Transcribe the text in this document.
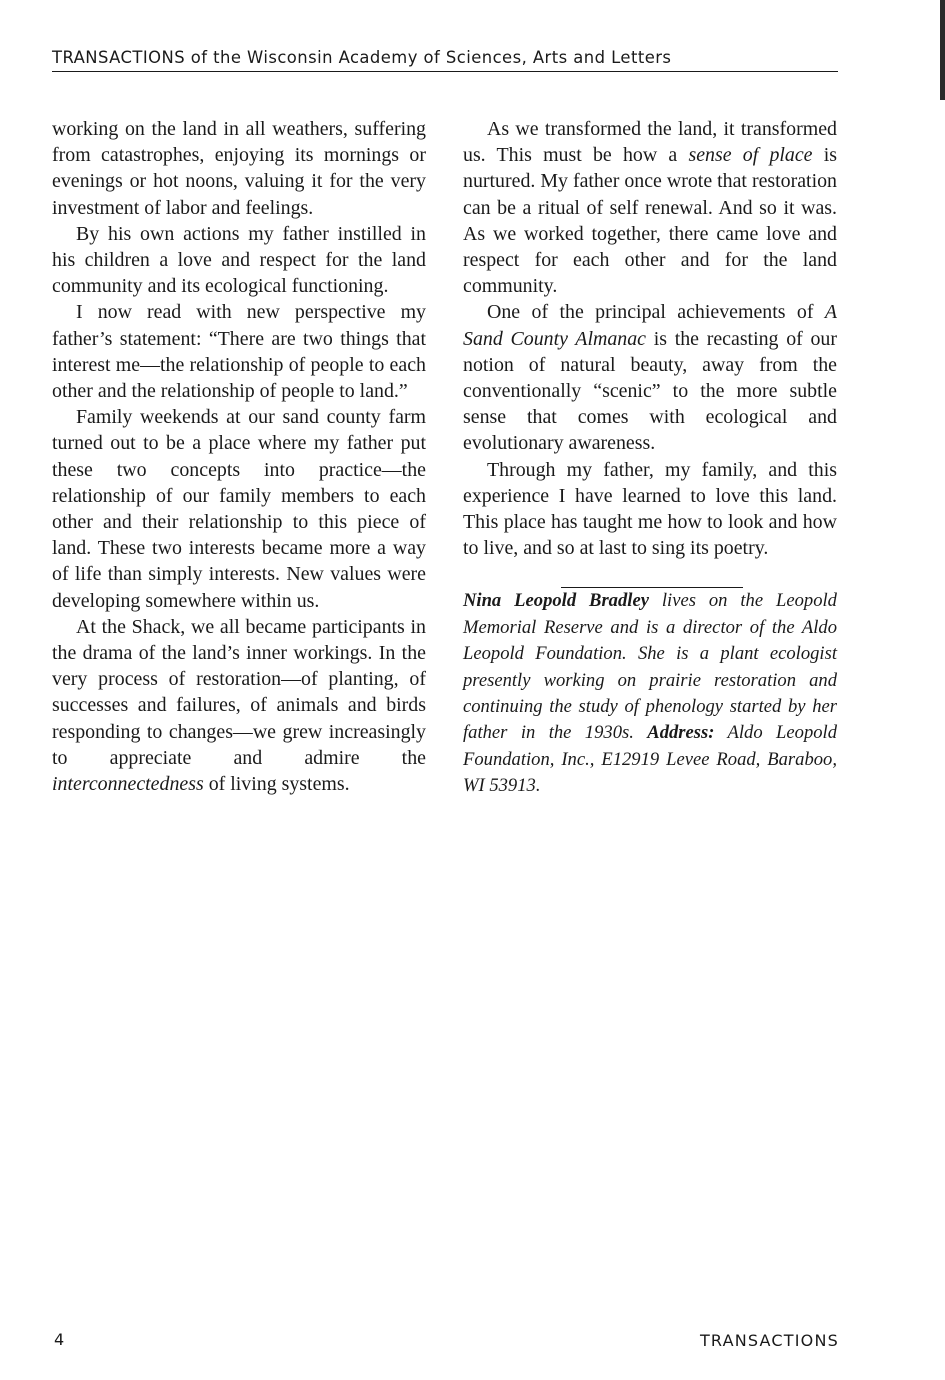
TRANSACTIONS of the Wisconsin Academy of Sciences, Arts and Letters

working on the land in all weathers, suffering from catastrophes, enjoying its mornings or evenings or hot noons, valuing it for the very investment of labor and feelings.

By his own actions my father instilled in his children a love and respect for the land community and its ecological functioning.

I now read with new perspective my father’s statement: “There are two things that interest me—the relationship of people to each other and the relationship of people to land.”

Family weekends at our sand county farm turned out to be a place where my father put these two concepts into practice—the relationship of our family members to each other and their relationship to this piece of land. These two interests became more a way of life than simply interests. New values were developing somewhere within us.

At the Shack, we all became participants in the drama of the land’s inner workings. In the very process of restoration—of planting, of successes and failures, of animals and birds responding to changes—we grew increasingly to appreciate and admire the interconnectedness of living systems.

As we transformed the land, it transformed us. This must be how a sense of place is nurtured. My father once wrote that restoration can be a ritual of self renewal. And so it was. As we worked together, there came love and respect for each other and for the land community.

One of the principal achievements of A Sand County Almanac is the recasting of our notion of natural beauty, away from the conventionally “scenic” to the more subtle sense that comes with ecological and evolutionary awareness.

Through my father, my family, and this experience I have learned to love this land. This place has taught me how to look and how to live, and so at last to sing its poetry.

Nina Leopold Bradley lives on the Leopold Memorial Reserve and is a director of the Aldo Leopold Foundation. She is a plant ecologist presently working on prairie restoration and continuing the study of phenology started by her father in the 1930s. Address: Aldo Leopold Foundation, Inc., E12919 Levee Road, Baraboo, WI 53913.

4	TRANSACTIONS
